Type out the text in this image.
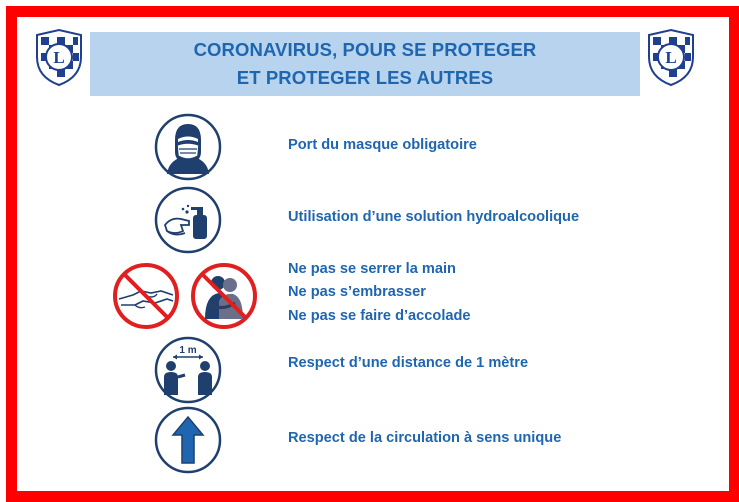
L	CORONAVIRUS, POUR SE PROTEGER
ET PROTEGER LES AUTRES
L
Port du masque obligatoire
Utilisation d’une solution hydroalcoolique
Ne pas se serrer la main
Ne pas s’embrasser
Ne pas se faire d’accolade
1 m
Respect d’une distance de 1 mètre
Respect de la circulation à sens unique
